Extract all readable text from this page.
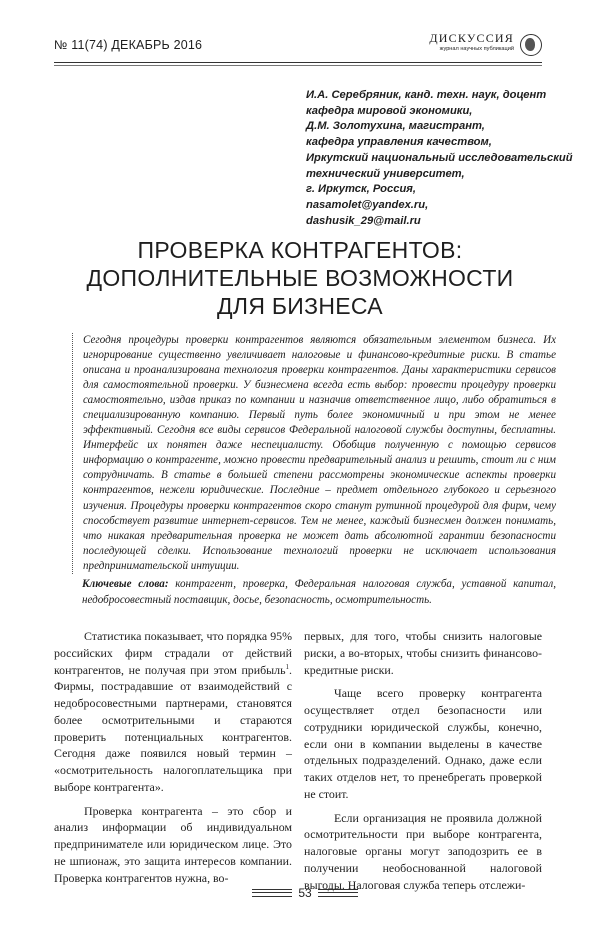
№ 11(74) ДЕКАБРЬ 2016	ДИСКУССИЯ
журнал научных публикаций
И.А. Серебряник, канд. техн. наук, доцент
кафедра мировой экономики,
Д.М. Золотухина, магистрант,
кафедра управления качеством,
Иркутский национальный исследовательский
технический университет,
г. Иркутск, Россия,
nasamolet@yandex.ru,
dashusik_29@mail.ru
ПРОВЕРКА КОНТРАГЕНТОВ:
ДОПОЛНИТЕЛЬНЫЕ ВОЗМОЖНОСТИ
ДЛЯ БИЗНЕСА
Сегодня процедуры проверки контрагентов являются обязательным элементом бизнеса. Их игнорирование существенно увеличивает налоговые и финансово-кредитные риски. В статье описана и проанализирована технология проверки контрагентов. Даны характеристики сервисов для самостоятельной проверки. У бизнесмена всегда есть выбор: провести процедуру проверки самостоятельно, издав приказ по компании и назначив ответственное лицо, либо обратиться в специализированную компанию. Первый путь более экономичный и при этом не менее эффективный. Сегодня все виды сервисов Федеральной налоговой службы доступны, бесплатны. Интерфейс их понятен даже неспециалисту. Обобщив полученную с помощью сервисов информацию о контрагенте, можно провести предварительный анализ и решить, стоит ли с ним сотрудничать. В статье в большей степени рассмотрены экономические аспекты проверки контрагентов, нежели юридические. Последние – предмет отдельного глубокого и серьезного изучения. Процедуры проверки контрагентов скоро станут рутинной процедурой для фирм, чему способствует развитие интернет-сервисов. Тем не менее, каждый бизнесмен должен понимать, что никакая предварительная проверка не может дать абсолютной гарантии безопасности последующей сделки. Использование технологий проверки не исключает использования предпринимательской интуиции.
Ключевые слова: контрагент, проверка, Федеральная налоговая служба, уставной капитал, недобросовестный поставщик, досье, безопасность, осмотрительность.

Статистика показывает, что порядка 95% российских фирм страдали от действий контрагентов, не получая при этом прибыль$^1$. Фирмы, пострадавшие от взаимодействий с недобросовестными партнерами, становятся более осмотрительными и стараются проверить потенциальных контрагентов. Сегодня даже появился новый термин – «осмотрительность налогоплательщика при выборе контрагента».

Проверка контрагента – это сбор и анализ информации об индивидуальном предпринимателе или юридическом лице. Это не шпионаж, это защита интересов компании. Проверка контрагентов нужна, во-

первых, для того, чтобы снизить налоговые риски, а во-вторых, чтобы снизить финансово-кредитные риски.

Чаще всего проверку контрагента осуществляет отдел безопасности или сотрудники юридической службы, конечно, если они в компании выделены в качестве отдельных подразделений. Однако, даже если таких отделов нет, то пренебрегать проверкой не стоит.

Если организация не проявила должной осмотрительности при выборе контрагента, налоговые органы могут заподозрить ее в получении необоснованной налоговой выгоды. Налоговая служба теперь отслежи-

53
